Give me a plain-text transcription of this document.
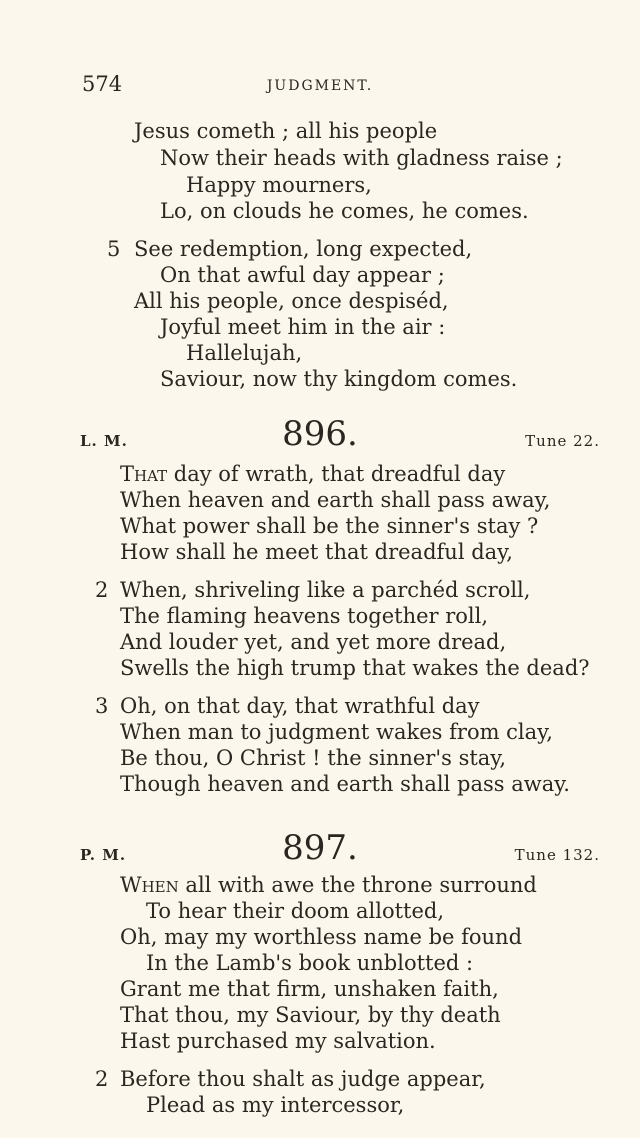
574	JUDGMENT.
Jesus cometh ; all his people
Now their heads with gladness raise ;
Happy mourners,
Lo, on clouds he comes, he comes.
5 See redemption, long expected,
On that awful day appear ;
All his people, once despiséd,
Joyful meet him in the air :
Hallelujah,
Saviour, now thy kingdom comes.
L. M.	896.	Tune 22.
That day of wrath, that dreadful day
When heaven and earth shall pass away,
What power shall be the sinner's stay ?
How shall he meet that dreadful day,
2 When, shriveling like a parchéd scroll,
The flaming heavens together roll,
And louder yet, and yet more dread,
Swells the high trump that wakes the dead?
3 Oh, on that day, that wrathful day
When man to judgment wakes from clay,
Be thou, O Christ ! the sinner's stay,
Though heaven and earth shall pass away.
P. M.	897.	Tune 132.
When all with awe the throne surround
To hear their doom allotted,
Oh, may my worthless name be found
In the Lamb's book unblotted :
Grant me that firm, unshaken faith,
That thou, my Saviour, by thy death
Hast purchased my salvation.
2 Before thou shalt as judge appear,
Plead as my intercessor,
